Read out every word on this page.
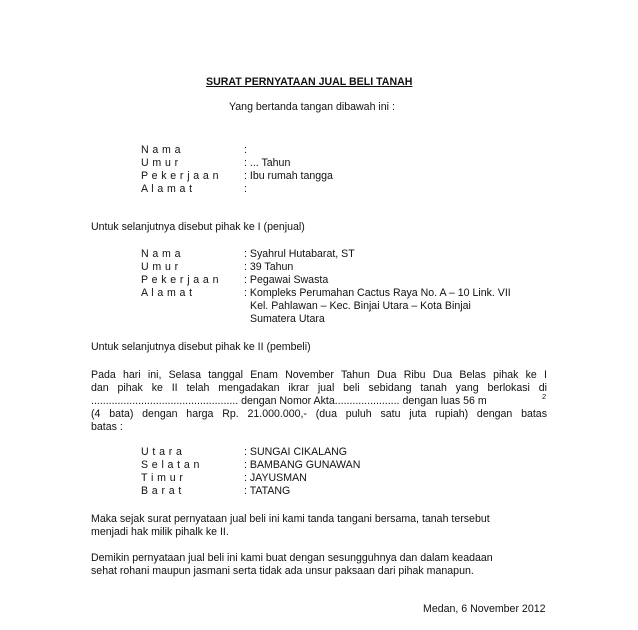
SURAT PERNYATAAN JUAL BELI TANAH
Yang bertanda tangan dibawah ini :
N a m a	:
U m u r	: ... Tahun
P e k e r j a a n : Ibu rumah tangga
A l a m a t	:
Untuk selanjutnya disebut pihak ke I (penjual)
N a m a	: Syahrul Hutabarat, ST
U m u r	: 39 Tahun
P e k e r j a a n : Pegawai Swasta
A l a m a t	: Kompleks Perumahan Cactus Raya No. A – 10 Link. VII
Kel. Pahlawan – Kec. Binjai Utara – Kota Binjai
Sumatera Utara
Untuk selanjutnya disebut pihak ke II (pembeli)
Pada hari ini, Selasa tanggal Enam November Tahun Dua Ribu Dua Belas pihak ke I
dan pihak ke II telah mengadakan ikrar jual beli sebidang tanah yang berlokasi di
.................................................. dengan Nomor Akta...................... dengan luas 56 m	2
(4 bata) dengan harga Rp. 21.000.000,- (dua puluh satu juta rupiah) dengan batas
batas :
U t a r a	: SUNGAI CIKALANG
S e l a t a n	: BAMBANG GUNAWAN
T i m u r	: JAYUSMAN
B a r a t	: TATANG
Maka sejak surat pernyataan jual beli ini kami tanda tangani bersama, tanah tersebut
menjadi hak milik pihalk ke II.
Demikin pernyataan jual beli ini kami buat dengan sesungguhnya dan dalam keadaan
sehat rohani maupun jasmani serta tidak ada unsur paksaan dari pihak manapun.
Medan, 6 November 2012
